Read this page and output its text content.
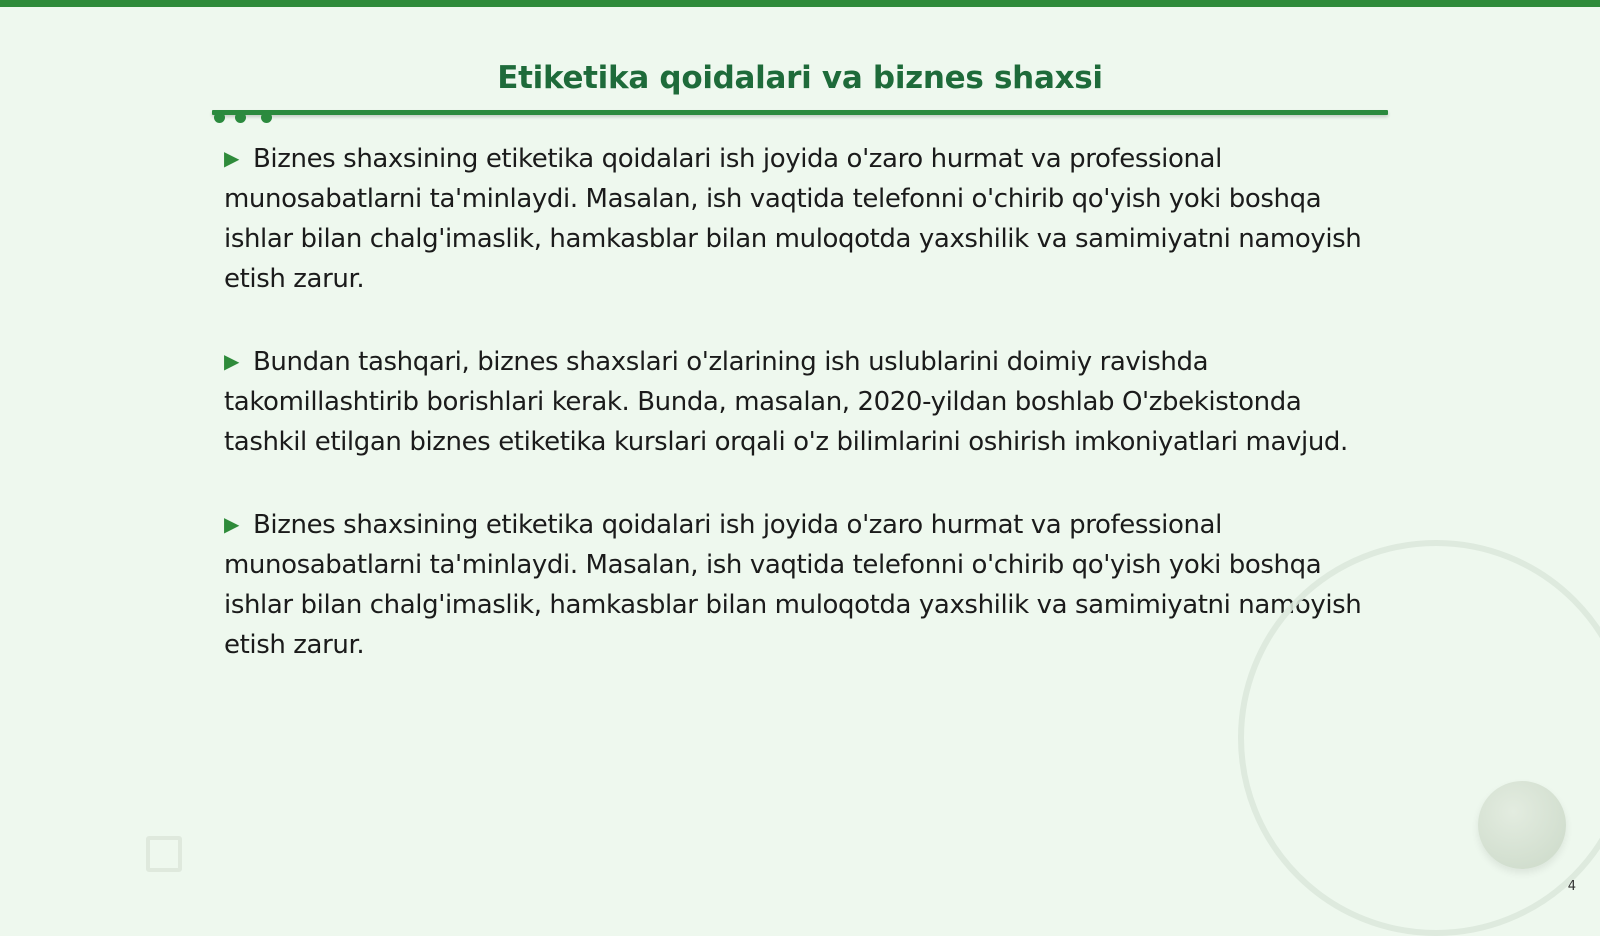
Etiketika qoidalari va biznes shaxsi

▶ Biznes shaxsining etiketika qoidalari ish joyida o'zaro hurmat va professional munosabatlarni ta'minlaydi. Masalan, ish vaqtida telefonni o'chirib qo'yish yoki boshqa ishlar bilan chalg'imaslik, hamkasblar bilan muloqotda yaxshilik va samimiyatni namoyish etish zarur.

▶ Bundan tashqari, biznes shaxslari o'zlarining ish uslublarini doimiy ravishda takomillashtirib borishlari kerak. Bunda, masalan, 2020-yildan boshlab O'zbekistonda tashkil etilgan biznes etiketika kurslari orqali o'z bilimlarini oshirish imkoniyatlari mavjud.

▶ Biznes shaxsining etiketika qoidalari ish joyida o'zaro hurmat va professional munosabatlarni ta'minlaydi. Masalan, ish vaqtida telefonni o'chirib qo'yish yoki boshqa ishlar bilan chalg'imaslik, hamkasblar bilan muloqotda yaxshilik va samimiyatni namoyish etish zarur.

4
